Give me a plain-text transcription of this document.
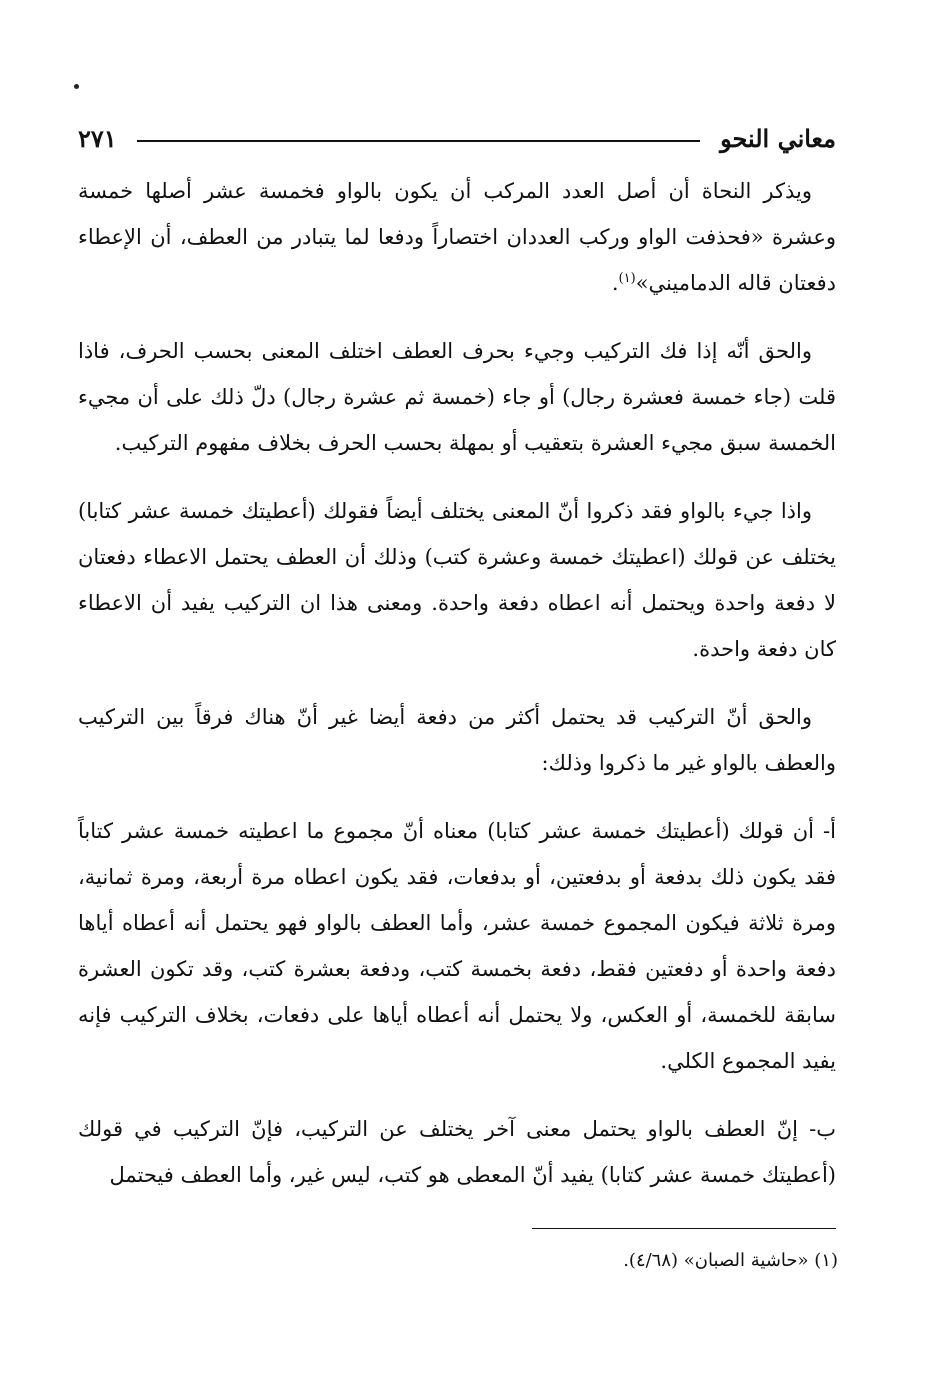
معاني النحو
٢٧١

ويذكر النحاة أن أصل العدد المركب أن يكون بالواو فخمسة عشر أصلها خمسة وعشرة «فحذفت الواو وركب العددان اختصاراً ودفعا لما يتبادر من العطف، أن الإعطاء دفعتان قاله الدماميني»$^{(١)}$.

والحق أنّه إذا فك التركيب وجيء بحرف العطف اختلف المعنى بحسب الحرف، فاذا قلت (جاء خمسة فعشرة رجال) أو جاء (خمسة ثم عشرة رجال) دلّ ذلك على أن مجيء الخمسة سبق مجيء العشرة بتعقيب أو بمهلة بحسب الحرف بخلاف مفهوم التركيب.

واذا جيء بالواو فقد ذكروا أنّ المعنى يختلف أيضاً فقولك (أعطيتك خمسة عشر كتابا) يختلف عن قولك (اعطيتك خمسة وعشرة كتب) وذلك أن العطف يحتمل الاعطاء دفعتان لا دفعة واحدة ويحتمل أنه اعطاه دفعة واحدة. ومعنى هذا ان التركيب يفيد أن الاعطاء كان دفعة واحدة.

والحق أنّ التركيب قد يحتمل أكثر من دفعة أيضا غير أنّ هناك فرقاً بين التركيب والعطف بالواو غير ما ذكروا وذلك:

أ- أن قولك (أعطيتك خمسة عشر كتابا) معناه أنّ مجموع ما اعطيته خمسة عشر كتاباً فقد يكون ذلك بدفعة أو بدفعتين، أو بدفعات، فقد يكون اعطاه مرة أربعة، ومرة ثمانية، ومرة ثلاثة فيكون المجموع خمسة عشر، وأما العطف بالواو فهو يحتمل أنه أعطاه أياها دفعة واحدة أو دفعتين فقط، دفعة بخمسة كتب، ودفعة بعشرة كتب، وقد تكون العشرة سابقة للخمسة، أو العكس، ولا يحتمل أنه أعطاه أياها على دفعات، بخلاف التركيب فإنه يفيد المجموع الكلي.

ب- إنّ العطف بالواو يحتمل معنى آخر يختلف عن التركيب، فإنّ التركيب في قولك (أعطيتك خمسة عشر كتابا) يفيد أنّ المعطى هو كتب، ليس غير، وأما العطف فيحتمل

(١) «حاشية الصبان» (٤/٦٨).
